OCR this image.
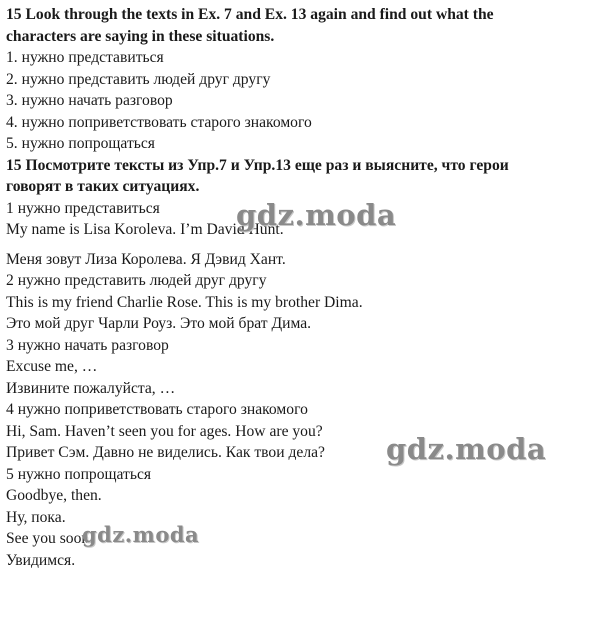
15 Look through the texts in Ex. 7 and Ex. 13 again and find out what the
characters are saying in these situations.
1. нужно представиться
2. нужно представить людей друг другу
3. нужно начать разговор
4. нужно поприветствовать старого знакомого
5. нужно попрощаться
15 Посмотрите тексты из Упр.7 и Упр.13 еще раз и выясните, что герои
говорят в таких ситуациях.
1 нужно представиться
My name is Lisa Koroleva. I’m David Hunt.
Меня зовут Лиза Королева. Я Дэвид Хант.
2 нужно представить людей друг другу
This is my friend Charlie Rose. This is my brother Dima.
Это мой друг Чарли Роуз. Это мой брат Дима.
3 нужно начать разговор
Excuse me, …
Извините пожалуйста, …
4 нужно поприветствовать старого знакомого
Hi, Sam. Haven’t seen you for ages. How are you?
Привет Сэм. Давно не виделись. Как твои дела?
5 нужно попрощаться
Goodbye, then.
Ну, пока.
See you soon.
Увидимся.
gdz.moda
gdz.moda
gdz.moda
